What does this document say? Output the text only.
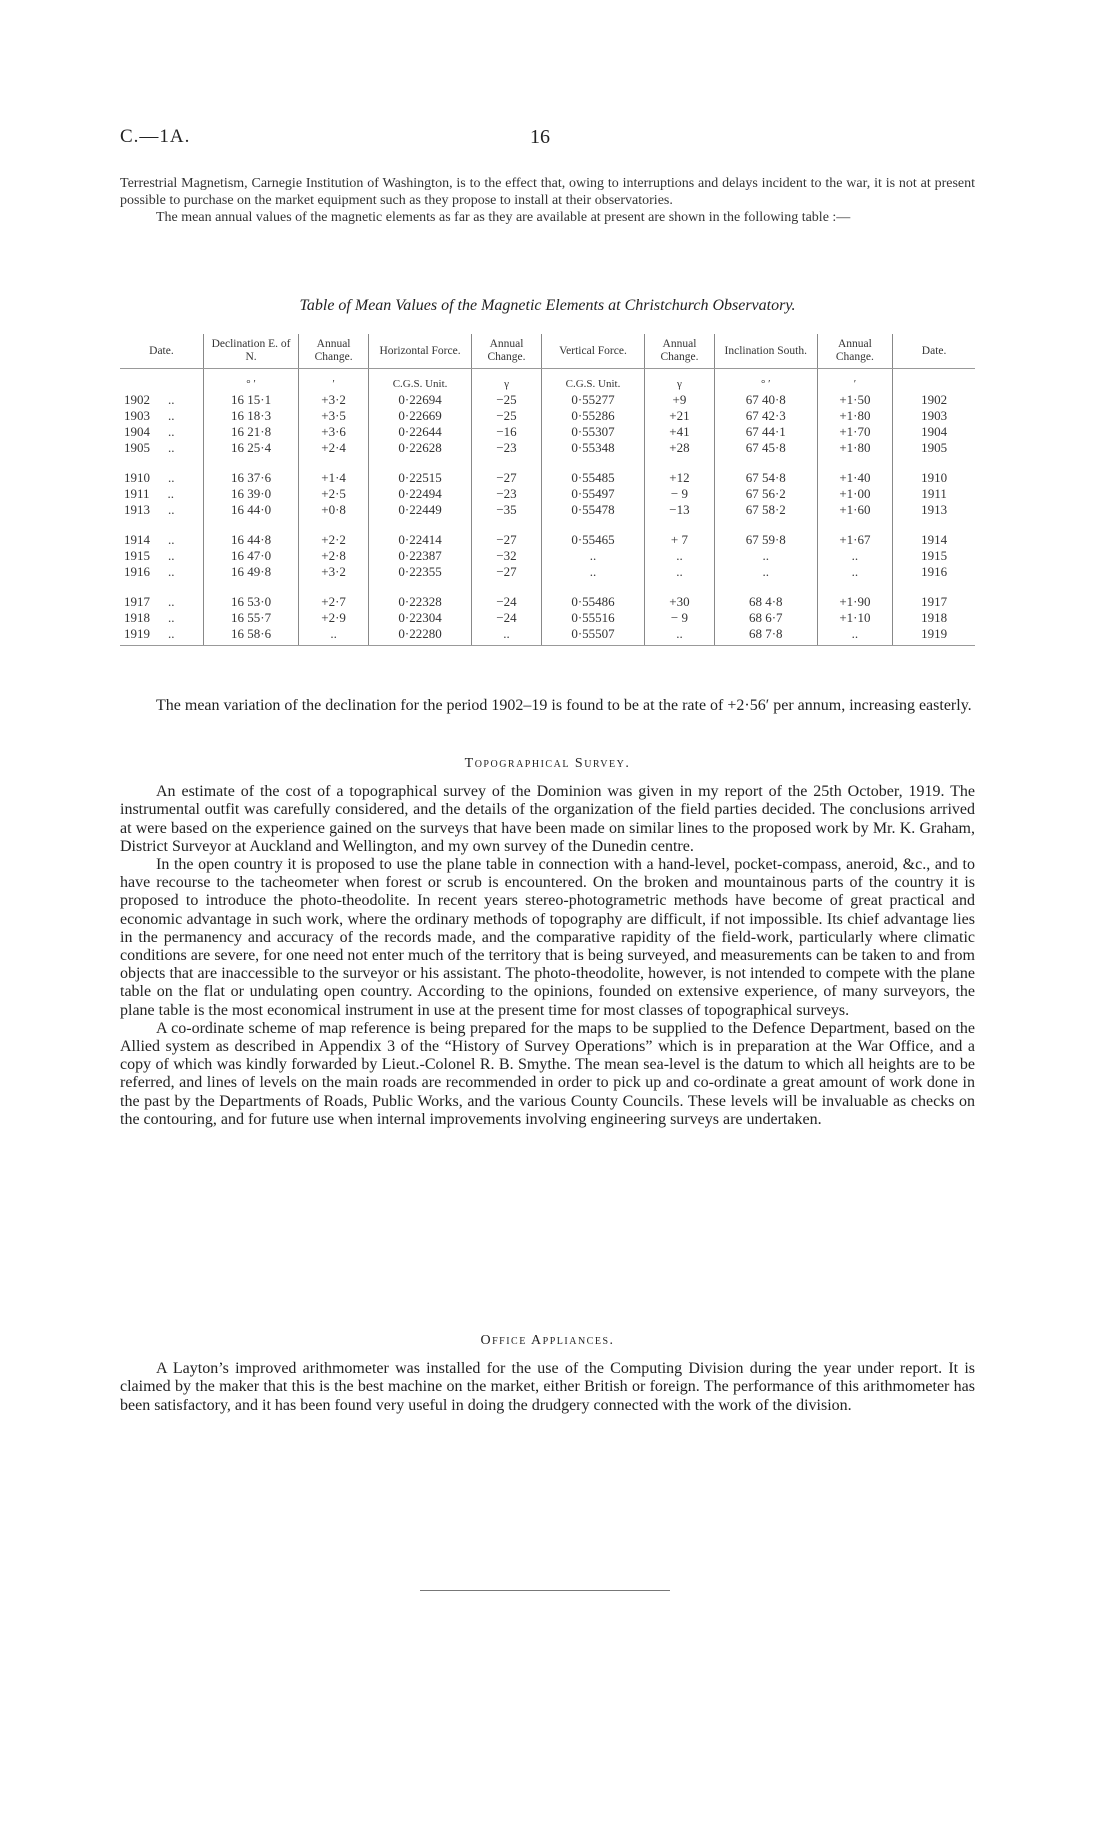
C.—1A.	16

Terrestrial Magnetism, Carnegie Institution of Washington, is to the effect that, owing to interruptions and delays incident to the war, it is not at present possible to purchase on the market equipment such as they propose to install at their observatories.

The mean annual values of the magnetic elements as far as they are available at present are shown in the following table :—

Table of Mean Values of the Magnetic Elements at Christchurch Observatory.
Date.	Declination E. of N.	Annual Change.	Horizontal Force.	Annual Change.	Vertical Force.	Annual Change.	Inclination South.	Annual Change.	Date.
	° ′	′	C.G.S. Unit.	γ	C.G.S. Unit.	γ	° ′	′	
1902 ..	16 15·1	+3·2	0·22694	−25	0·55277	+9	67 40·8	+1·50	1902
1903 ..	16 18·3	+3·5	0·22669	−25	0·55286	+21	67 42·3	+1·80	1903
1904 ..	16 21·8	+3·6	0·22644	−16	0·55307	+41	67 44·1	+1·70	1904
1905 ..	16 25·4	+2·4	0·22628	−23	0·55348	+28	67 45·8	+1·80	1905

1910 ..	16 37·6	+1·4	0·22515	−27	0·55485	+12	67 54·8	+1·40	1910
1911 ..	16 39·0	+2·5	0·22494	−23	0·55497	− 9	67 56·2	+1·00	1911
1913 ..	16 44·0	+0·8	0·22449	−35	0·55478	−13	67 58·2	+1·60	1913

1914 ..	16 44·8	+2·2	0·22414	−27	0·55465	+ 7	67 59·8	+1·67	1914
1915 ..	16 47·0	+2·8	0·22387	−32	..	..	..	..	1915
1916 ..	16 49·8	+3·2	0·22355	−27	..	..	..	..	1916

1917 ..	16 53·0	+2·7	0·22328	−24	0·55486	+30	68 4·8	+1·90	1917
1918 ..	16 55·7	+2·9	0·22304	−24	0·55516	− 9	68 6·7	+1·10	1918
1919 ..	16 58·6	..	0·22280	..	0·55507	..	68 7·8	..	1919

The mean variation of the declination for the period 1902–19 is found to be at the rate of +2·56′ per annum, increasing easterly.

Topographical Survey.

An estimate of the cost of a topographical survey of the Dominion was given in my report of the 25th October, 1919. The instrumental outfit was carefully considered, and the details of the organization of the field parties decided. The conclusions arrived at were based on the experience gained on the surveys that have been made on similar lines to the proposed work by Mr. K. Graham, District Surveyor at Auckland and Wellington, and my own survey of the Dunedin centre.

In the open country it is proposed to use the plane table in connection with a hand-level, pocket-compass, aneroid, &c., and to have recourse to the tacheometer when forest or scrub is encountered. On the broken and mountainous parts of the country it is proposed to introduce the photo-theodolite. In recent years stereo-photogrametric methods have become of great practical and economic advantage in such work, where the ordinary methods of topography are difficult, if not impossible. Its chief advantage lies in the permanency and accuracy of the records made, and the comparative rapidity of the field-work, particularly where climatic conditions are severe, for one need not enter much of the territory that is being surveyed, and measurements can be taken to and from objects that are inaccessible to the surveyor or his assistant. The photo-theodolite, however, is not intended to compete with the plane table on the flat or undulating open country. According to the opinions, founded on extensive experience, of many surveyors, the plane table is the most economical instrument in use at the present time for most classes of topographical surveys.

A co-ordinate scheme of map reference is being prepared for the maps to be supplied to the Defence Department, based on the Allied system as described in Appendix 3 of the “History of Survey Operations” which is in preparation at the War Office, and a copy of which was kindly forwarded by Lieut.-Colonel R. B. Smythe. The mean sea-level is the datum to which all heights are to be referred, and lines of levels on the main roads are recommended in order to pick up and co-ordinate a great amount of work done in the past by the Departments of Roads, Public Works, and the various County Councils. These levels will be invaluable as checks on the contouring, and for future use when internal improvements involving engineering surveys are undertaken.

Office Appliances.

A Layton’s improved arithmometer was installed for the use of the Computing Division during the year under report. It is claimed by the maker that this is the best machine on the market, either British or foreign. The performance of this arithmometer has been satisfactory, and it has been found very useful in doing the drudgery connected with the work of the division.
